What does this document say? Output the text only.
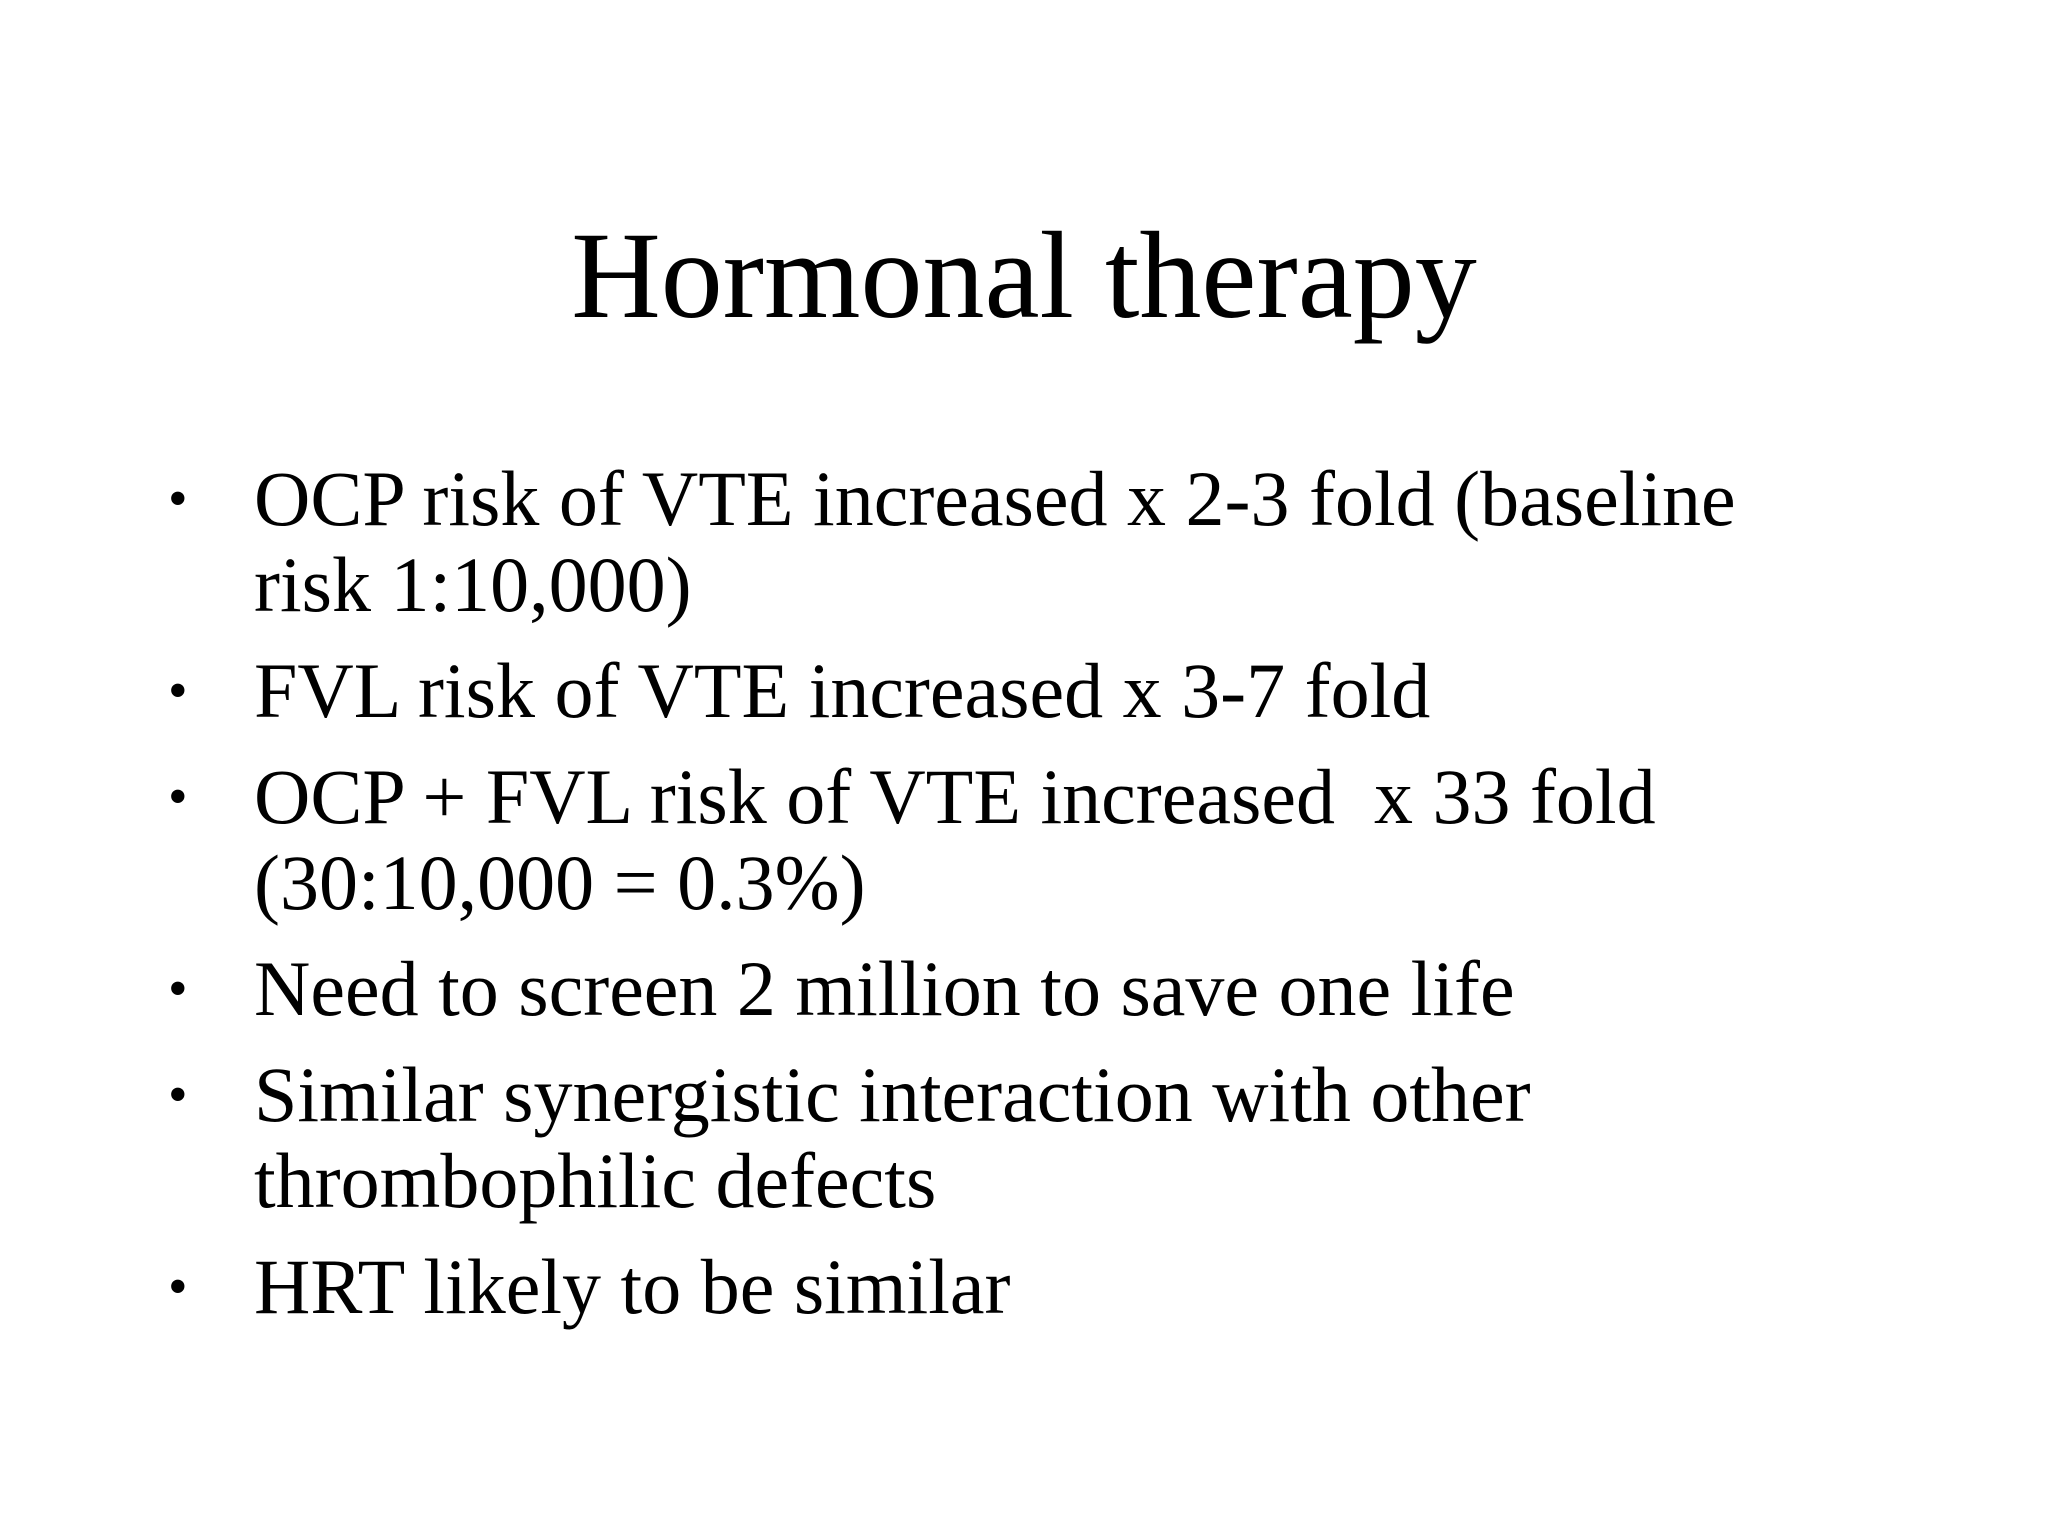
Hormonal therapy
• OCP risk of VTE increased x 2-3 fold (baseline
risk 1:10,000)
• FVL risk of VTE increased x 3-7 fold
• OCP + FVL risk of VTE increased  x 33 fold
(30:10,000 = 0.3%)
• Need to screen 2 million to save one life
• Similar synergistic interaction with other
thrombophilic defects
• HRT likely to be similar
